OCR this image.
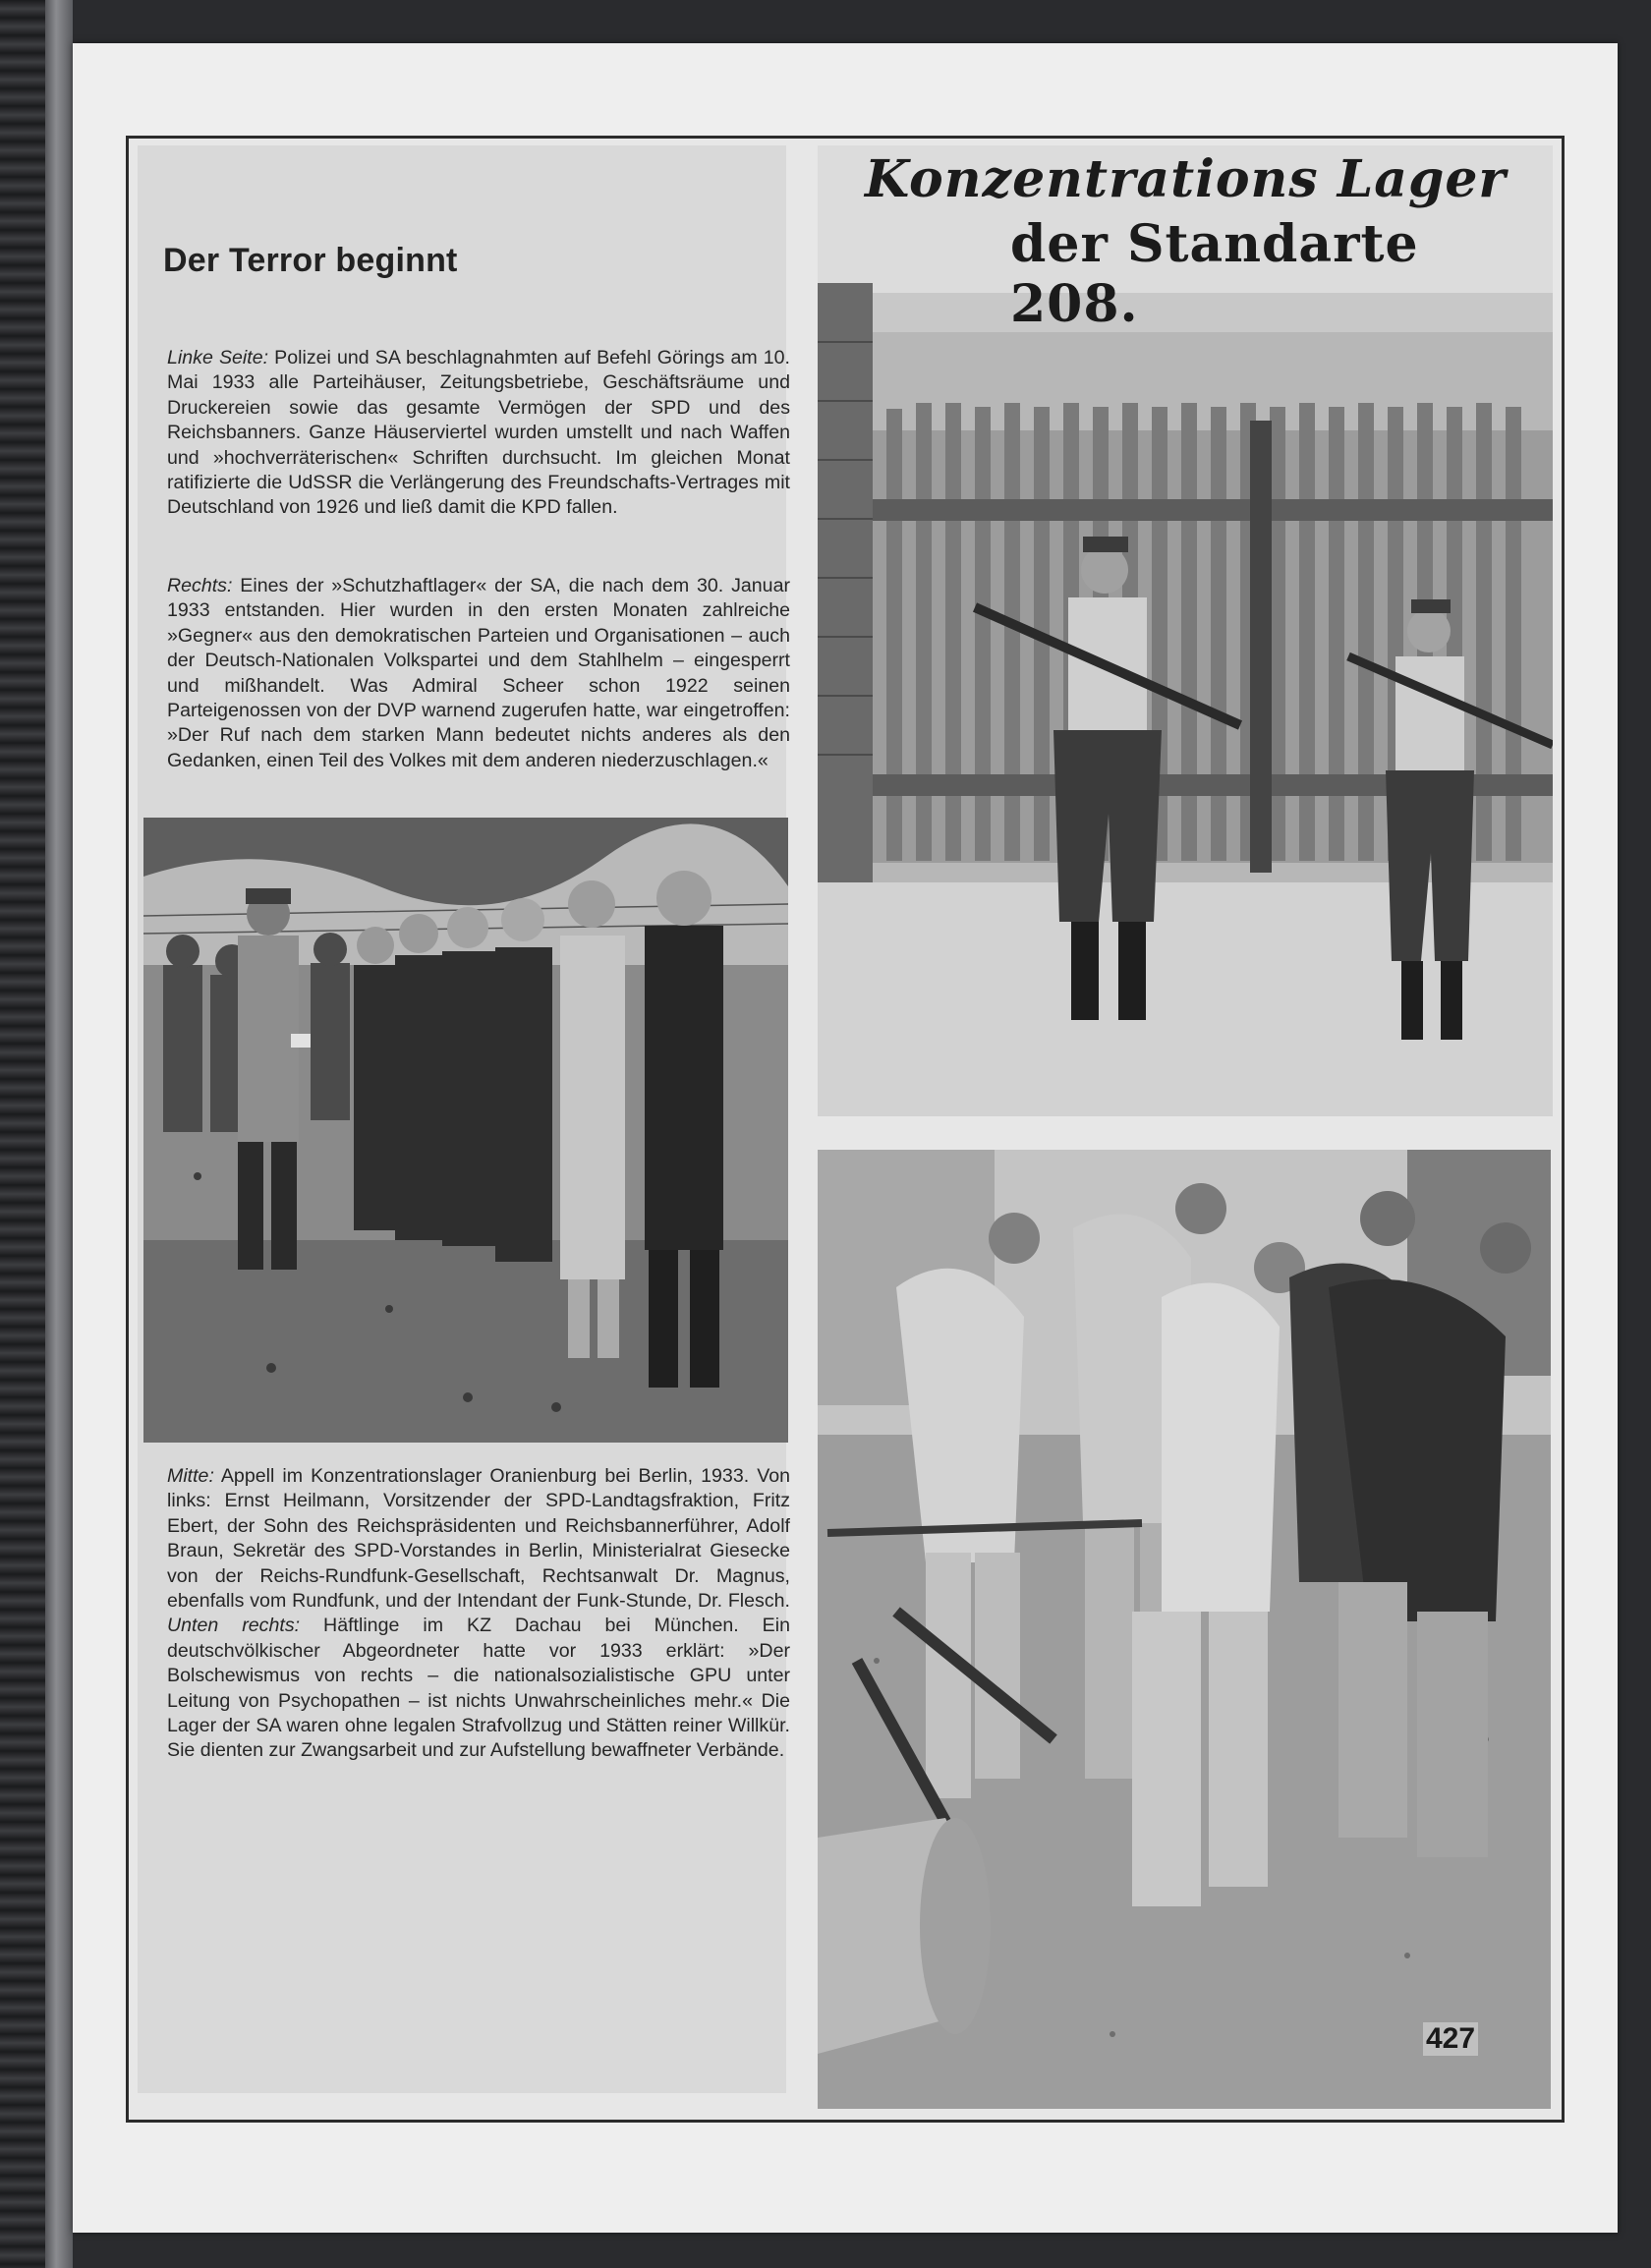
Der Terror beginnt

Linke Seite: Polizei und SA beschlagnahmten auf Befehl Görings am 10. Mai 1933 alle Parteihäuser, Zeitungsbetriebe, Geschäftsräume und Druckereien sowie das gesamte Vermögen der SPD und des Reichsbanners. Ganze Häuserviertel wurden umstellt und nach Waffen und »hochverräterischen« Schriften durchsucht. Im gleichen Monat ratifizierte die UdSSR die Verlängerung des Freundschafts-Vertrages mit Deutschland von 1926 und ließ damit die KPD fallen.

Rechts: Eines der »Schutzhaftlager« der SA, die nach dem 30. Januar 1933 entstanden. Hier wurden in den ersten Monaten zahlreiche »Gegner« aus den demokratischen Parteien und Organisationen – auch der Deutsch-Nationalen Volkspartei und dem Stahlhelm – eingesperrt und mißhandelt. Was Admiral Scheer schon 1922 seinen Parteigenossen von der DVP warnend zugerufen hatte, war eingetroffen: »Der Ruf nach dem starken Mann bedeutet nichts anderes als den Gedanken, einen Teil des Volkes mit dem anderen niederzuschlagen.«

Mitte: Appell im Konzentrationslager Oranienburg bei Berlin, 1933. Von links: Ernst Heilmann, Vorsitzender der SPD-Landtagsfraktion, Fritz Ebert, der Sohn des Reichspräsidenten und Reichsbannerführer, Adolf Braun, Sekretär des SPD-Vorstandes in Berlin, Ministerialrat Giesecke von der Reichs-Rundfunk-Gesellschaft, Rechtsanwalt Dr. Magnus, ebenfalls vom Rundfunk, und der Intendant der Funk-Stunde, Dr. Flesch. Unten rechts: Häftlinge im KZ Dachau bei München. Ein deutschvölkischer Abgeordneter hatte vor 1933 erklärt: »Der Bolschewismus von rechts – die nationalsozialistische GPU unter Leitung von Psychopathen – ist nichts Unwahrscheinliches mehr.« Die Lager der SA waren ohne legalen Strafvollzug und Stätten reiner Willkür. Sie dienten zur Zwangsarbeit und zur Aufstellung bewaffneter Verbände.

Konzentrations Lager
der Standarte 208.
427
